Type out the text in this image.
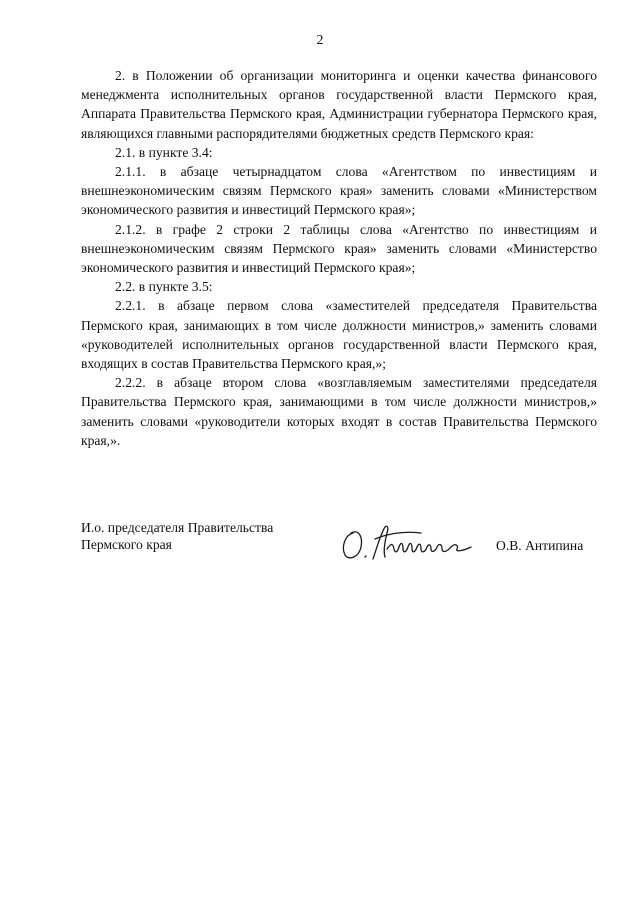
2

2. в Положении об организации мониторинга и оценки качества финансового менеджмента исполнительных органов государственной власти Пермского края, Аппарата Правительства Пермского края, Администрации губернатора Пермского края, являющихся главными распорядителями бюджетных средств Пермского края:

2.1. в пункте 3.4:

2.1.1. в абзаце четырнадцатом слова «Агентством по инвестициям и внешнеэкономическим связям Пермского края» заменить словами «Министерством экономического развития и инвестиций Пермского края»;

2.1.2. в графе 2 строки 2 таблицы слова «Агентство по инвестициям и внешнеэкономическим связям Пермского края» заменить словами «Министерство экономического развития и инвестиций Пермского края»;

2.2. в пункте 3.5:

2.2.1. в абзаце первом слова «заместителей председателя Правительства Пермского края, занимающих в том числе должности министров,» заменить словами «руководителей исполнительных органов государственной власти Пермского края, входящих в состав Правительства Пермского края,»;

2.2.2. в абзаце втором слова «возглавляемым заместителями председателя Правительства Пермского края, занимающими в том числе должности министров,» заменить словами «руководители которых входят в состав Правительства Пермского края,».

И.о. председателя Правительства
Пермского края	О.В. Антипина
